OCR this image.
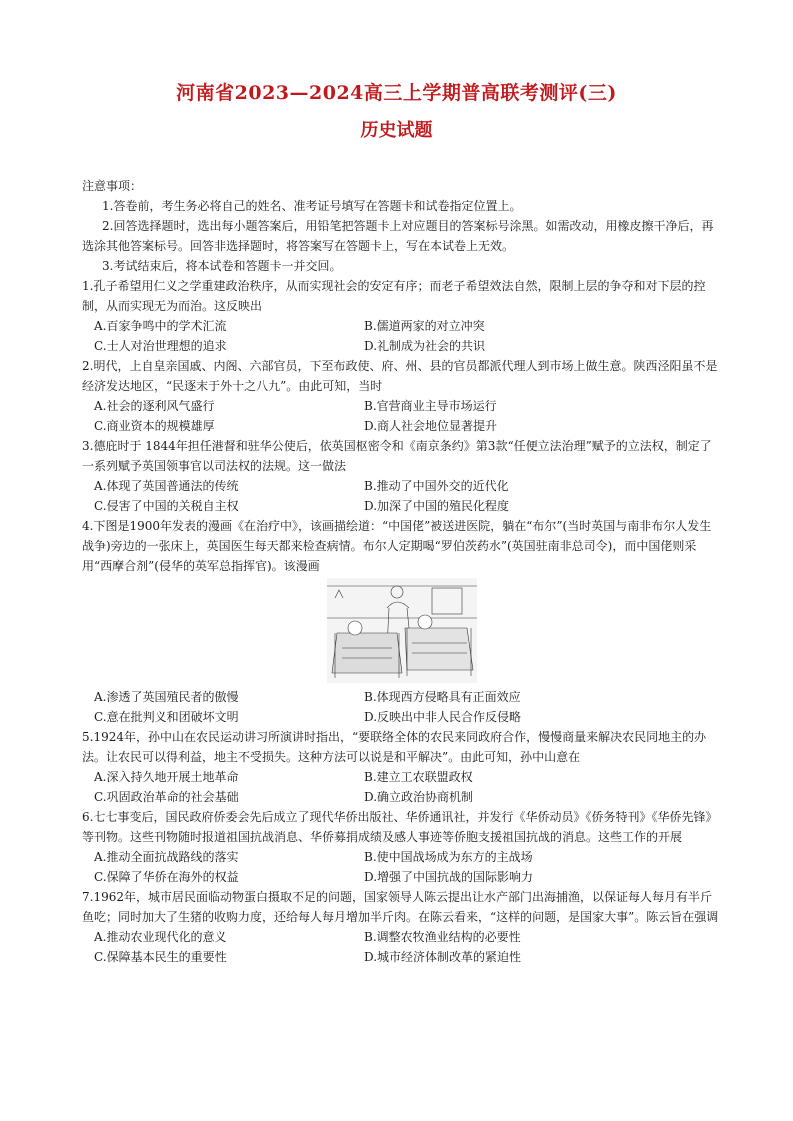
河南省2023—2024高三上学期普高联考测评(三)
历史试题

注意事项：

1.答卷前，考生务必将自己的姓名、准考证号填写在答题卡和试卷指定位置上。

2.回答选择题时，选出每小题答案后，用铅笔把答题卡上对应题目的答案标号涂黑。如需改动，用橡皮擦干净后，再选涂其他答案标号。回答非选择题时，将答案写在答题卡上，写在本试卷上无效。

3.考试结束后，将本试卷和答题卡一并交回。

1.孔子希望用仁义之学重建政治秩序，从而实现社会的安定有序；而老子希望效法自然，限制上层的争夺和对下层的控制，从而实现无为而治。这反映出

A.百家争鸣中的学术汇流	B.儒道两家的对立冲突

C.士人对治世理想的追求	D.礼制成为社会的共识

2.明代，上自皇亲国戚、内阁、六部官员，下至布政使、府、州、县的官员都派代理人到市场上做生意。陕西泾阳虽不是经济发达地区，“民逐末于外十之八九”。由此可知，当时

A.社会的逐利风气盛行	B.官营商业主导市场运行

C.商业资本的规模雄厚	D.商人社会地位显著提升

3.德庇时于 1844年担任港督和驻华公使后，依英国枢密令和《南京条约》第3款“任便立法治理”赋予的立法权，制定了一系列赋予英国领事官以司法权的法规。这一做法

A.体现了英国普通法的传统	B.推动了中国外交的近代化

C.侵害了中国的关税自主权	D.加深了中国的殖民化程度

4.下图是1900年发表的漫画《在治疗中》，该画描绘道：“中国佬”被送进医院，躺在“布尔”(当时英国与南非布尔人发生战争)旁边的一张床上，英国医生每天都来检查病情。布尔人定期喝“罗伯茨药水”(英国驻南非总司令)，而中国佬则采用“西摩合剂”(侵华的英军总指挥官)。该漫画

A.渗透了英国殖民者的傲慢	B.体现西方侵略具有正面效应

C.意在批判义和团破坏文明	D.反映出中非人民合作反侵略

5.1924年，孙中山在农民运动讲习所演讲时指出，“要联络全体的农民来同政府合作，慢慢商量来解决农民同地主的办法。让农民可以得利益，地主不受损失。这种方法可以说是和平解决”。由此可知，孙中山意在

A.深入持久地开展土地革命	B.建立工农联盟政权

C.巩固政治革命的社会基础	D.确立政治协商机制

6.七七事变后，国民政府侨委会先后成立了现代华侨出版社、华侨通讯社，并发行《华侨动员》《侨务特刊》《华侨先锋》等刊物。这些刊物随时报道祖国抗战消息、华侨募捐成绩及感人事迹等侨胞支援祖国抗战的消息。这些工作的开展

A.推动全面抗战路线的落实	B.使中国战场成为东方的主战场

C.保障了华侨在海外的权益	D.增强了中国抗战的国际影响力

7.1962年，城市居民面临动物蛋白摄取不足的问题，国家领导人陈云提出让水产部门出海捕渔，以保证每人每月有半斤鱼吃；同时加大了生猪的收购力度，还给每人每月增加半斤肉。在陈云看来，“这样的问题，是国家大事”。陈云旨在强调

A.推动农业现代化的意义	B.调整农牧渔业结构的必要性

C.保障基本民生的重要性	D.城市经济体制改革的紧迫性
